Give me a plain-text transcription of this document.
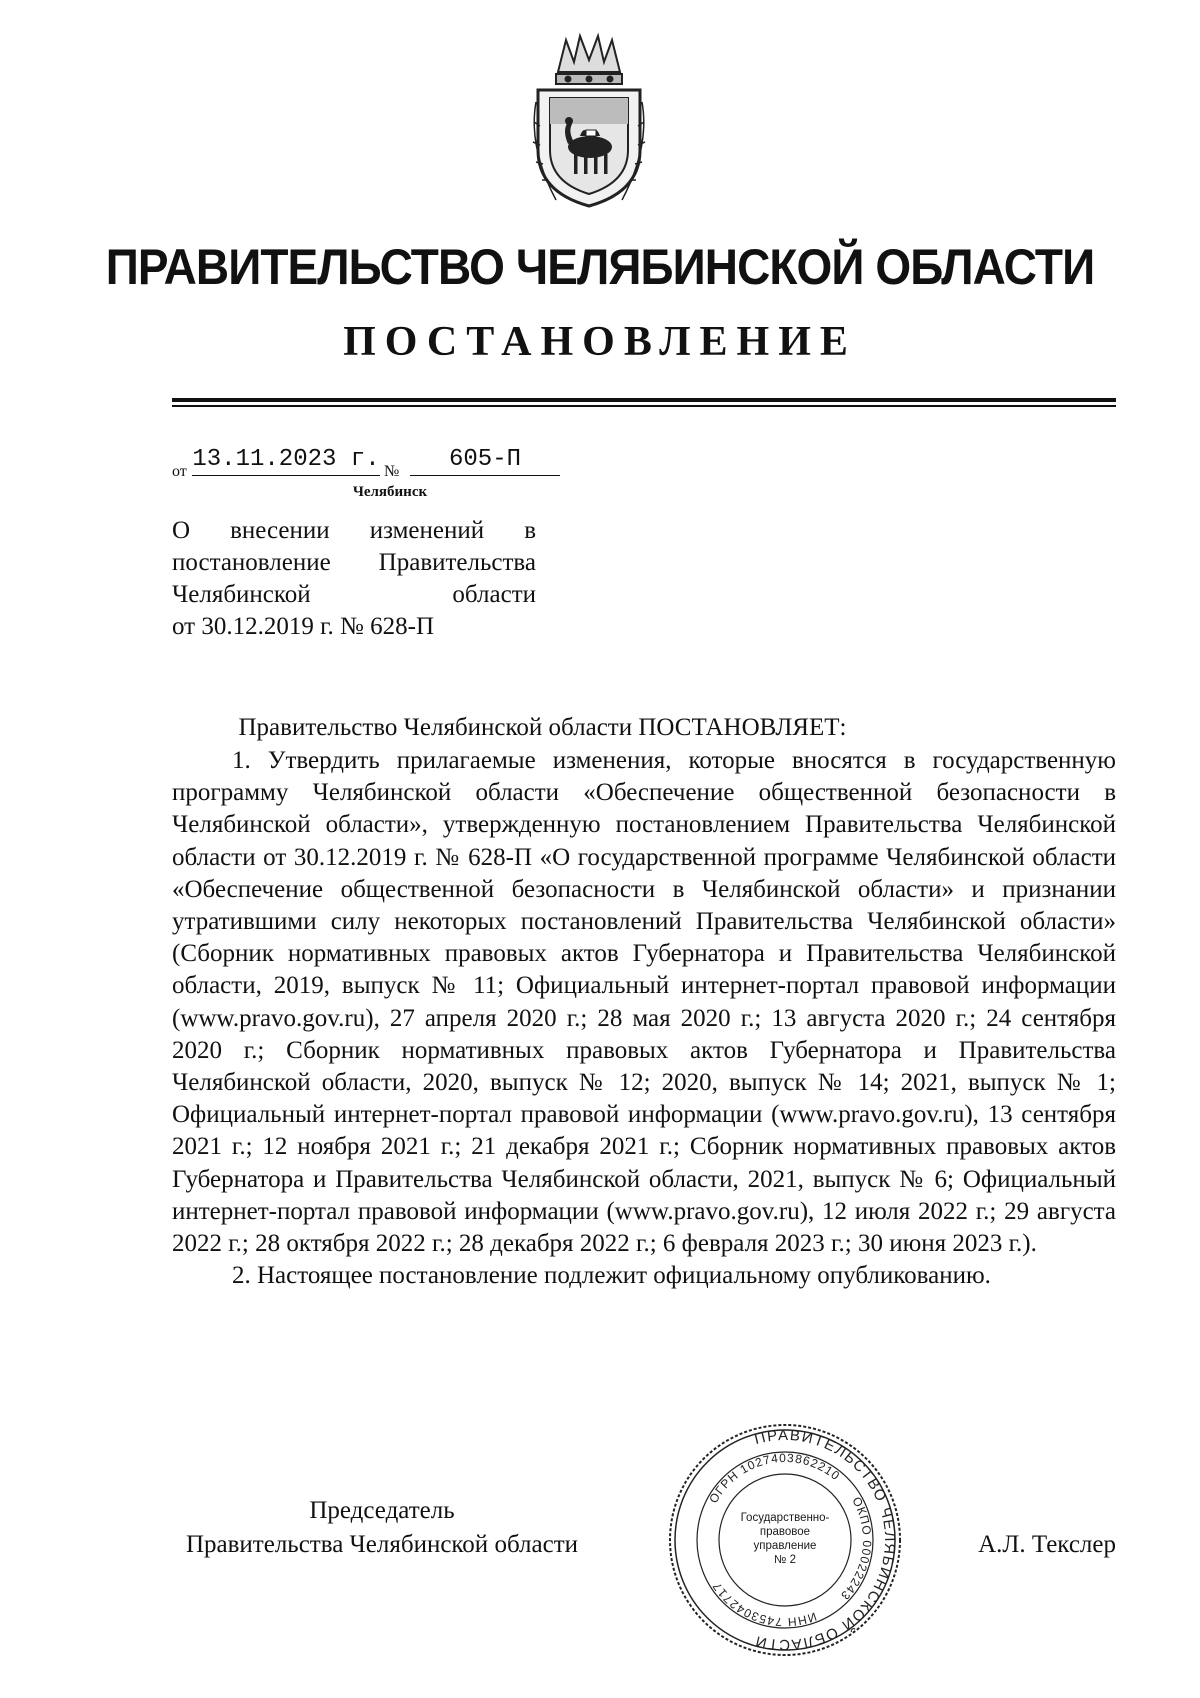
ПРАВИТЕЛЬСТВО ЧЕЛЯБИНСКОЙ ОБЛАСТИ
ПОСТАНОВЛЕНИЕ
от 13.11.2023 г. №	605-П
Челябинск
О внесении изменений в
постановление Правительства
Челябинской области
от 30.12.2019 г. № 628-П
Правительство Челябинской области ПОСТАНОВЛЯЕТ:

1. Утвердить прилагаемые изменения, которые вносятся в государственную программу Челябинской области «Обеспечение общественной безопасности в Челябинской области», утвержденную постановлением Правительства Челябинской области от 30.12.2019 г. № 628-П «О государственной программе Челябинской области «Обеспечение общественной безопасности в Челябинской области» и признании утратившими силу некоторых постановлений Правительства Челябинской области» (Сборник нормативных правовых актов Губернатора и Правительства Челябинской области, 2019, выпуск № 11; Официальный интернет-портал правовой информации (www.pravo.gov.ru), 27 апреля 2020 г.; 28 мая 2020 г.; 13 августа 2020 г.; 24 сентября 2020 г.; Сборник нормативных правовых актов Губернатора и Правительства Челябинской области, 2020, выпуск № 12; 2020, выпуск № 14; 2021, выпуск № 1; Официальный интернет-портал правовой информации (www.pravo.gov.ru), 13 сентября 2021 г.; 12 ноября 2021 г.; 21 декабря 2021 г.; Сборник нормативных правовых актов Губернатора и Правительства Челябинской области, 2021, выпуск № 6; Официальный интернет-портал правовой информации (www.pravo.gov.ru), 12 июля 2022 г.; 29 августа 2022 г.; 28 октября 2022 г.; 28 декабря 2022 г.; 6 февраля 2023 г.; 30 июня 2023 г.).

2. Настоящее постановление подлежит официальному опубликованию.

Председатель
Правительства Челябинской области
ПРАВИТЕЛЬСТВО ЧЕЛЯБИНСКОЙ ОБЛАСТИ
ОГРН 1027403862210
ОКПО 00022243
ИНН 7453042717
Государственно-
правовое
управление
№ 2
А.Л. Текслер
